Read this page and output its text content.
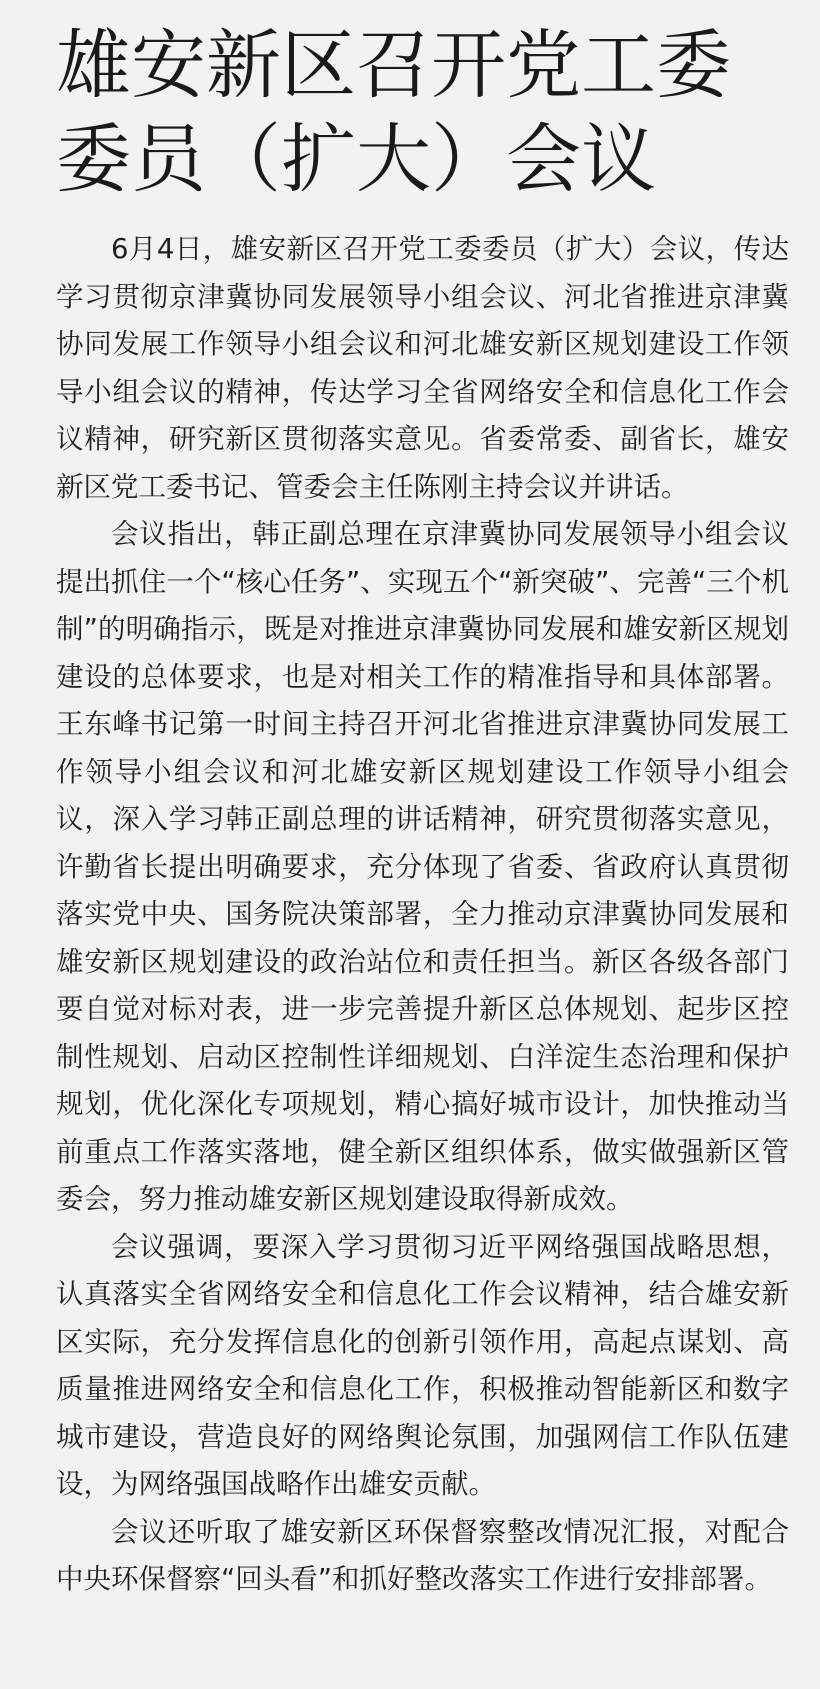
雄安新区召开党工委委员（扩大）会议

6月4日，雄安新区召开党工委委员（扩大）会议，传达学习贯彻京津冀协同发展领导小组会议、河北省推进京津冀协同发展工作领导小组会议和河北雄安新区规划建设工作领导小组会议的精神，传达学习全省网络安全和信息化工作会议精神，研究新区贯彻落实意见。省委常委、副省长，雄安新区党工委书记、管委会主任陈刚主持会议并讲话。

会议指出，韩正副总理在京津冀协同发展领导小组会议提出抓住一个“核心任务”、实现五个“新突破”、完善“三个机制”的明确指示，既是对推进京津冀协同发展和雄安新区规划建设的总体要求，也是对相关工作的精准指导和具体部署。王东峰书记第一时间主持召开河北省推进京津冀协同发展工作领导小组会议和河北雄安新区规划建设工作领导小组会议，深入学习韩正副总理的讲话精神，研究贯彻落实意见，许勤省长提出明确要求，充分体现了省委、省政府认真贯彻落实党中央、国务院决策部署，全力推动京津冀协同发展和雄安新区规划建设的政治站位和责任担当。新区各级各部门要自觉对标对表，进一步完善提升新区总体规划、起步区控制性规划、启动区控制性详细规划、白洋淀生态治理和保护规划，优化深化专项规划，精心搞好城市设计，加快推动当前重点工作落实落地，健全新区组织体系，做实做强新区管委会，努力推动雄安新区规划建设取得新成效。

会议强调，要深入学习贯彻习近平网络强国战略思想，认真落实全省网络安全和信息化工作会议精神，结合雄安新区实际，充分发挥信息化的创新引领作用，高起点谋划、高质量推进网络安全和信息化工作，积极推动智能新区和数字城市建设，营造良好的网络舆论氛围，加强网信工作队伍建设，为网络强国战略作出雄安贡献。

会议还听取了雄安新区环保督察整改情况汇报，对配合中央环保督察“回头看”和抓好整改落实工作进行安排部署。
